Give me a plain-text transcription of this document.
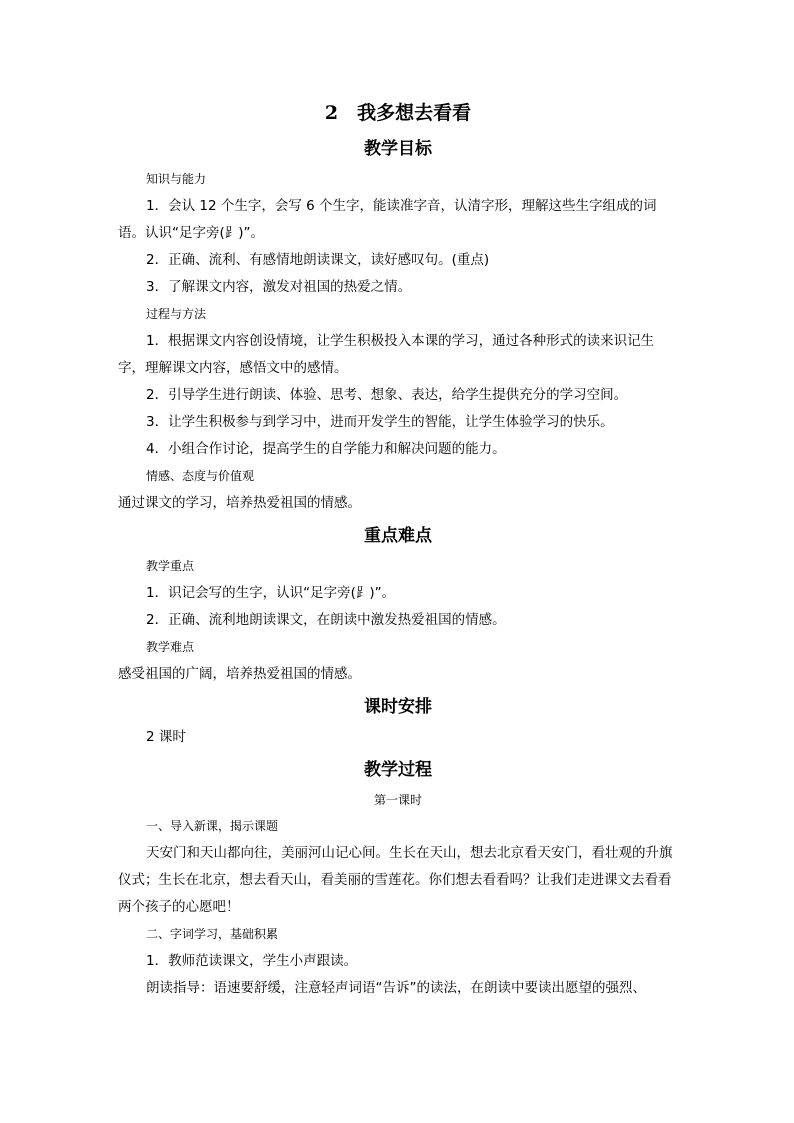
2　我多想去看看
教学目标
知识与能力

1．会认 12 个生字，会写 6 个生字，能读准字音，认清字形，理解这些生字组成的词语。认识“足字旁(⻊)”。

2．正确、流利、有感情地朗读课文，读好感叹句。(重点)

3．了解课文内容，激发对祖国的热爱之情。

过程与方法

1．根据课文内容创设情境，让学生积极投入本课的学习，通过各种形式的读来识记生字，理解课文内容，感悟文中的感情。

2．引导学生进行朗读、体验、思考、想象、表达，给学生提供充分的学习空间。

3．让学生积极参与到学习中，进而开发学生的智能，让学生体验学习的快乐。

4．小组合作讨论，提高学生的自学能力和解决问题的能力。

情感、态度与价值观

通过课文的学习，培养热爱祖国的情感。

重点难点
教学重点

1．识记会写的生字，认识“足字旁(⻊)”。

2．正确、流利地朗读课文，在朗读中激发热爱祖国的情感。

教学难点

感受祖国的广阔，培养热爱祖国的情感。

课时安排

2 课时

教学过程
第一课时
一、导入新课，揭示课题

天安门和天山都向往，美丽河山记心间。生长在天山，想去北京看天安门，看壮观的升旗仪式；生长在北京，想去看天山，看美丽的雪莲花。你们想去看看吗？让我们走进课文去看看两个孩子的心愿吧！

二、字词学习，基础积累

1．教师范读课文，学生小声跟读。

朗读指导：语速要舒缓，注意轻声词语“告诉”的读法，在朗读中要读出愿望的强烈、
